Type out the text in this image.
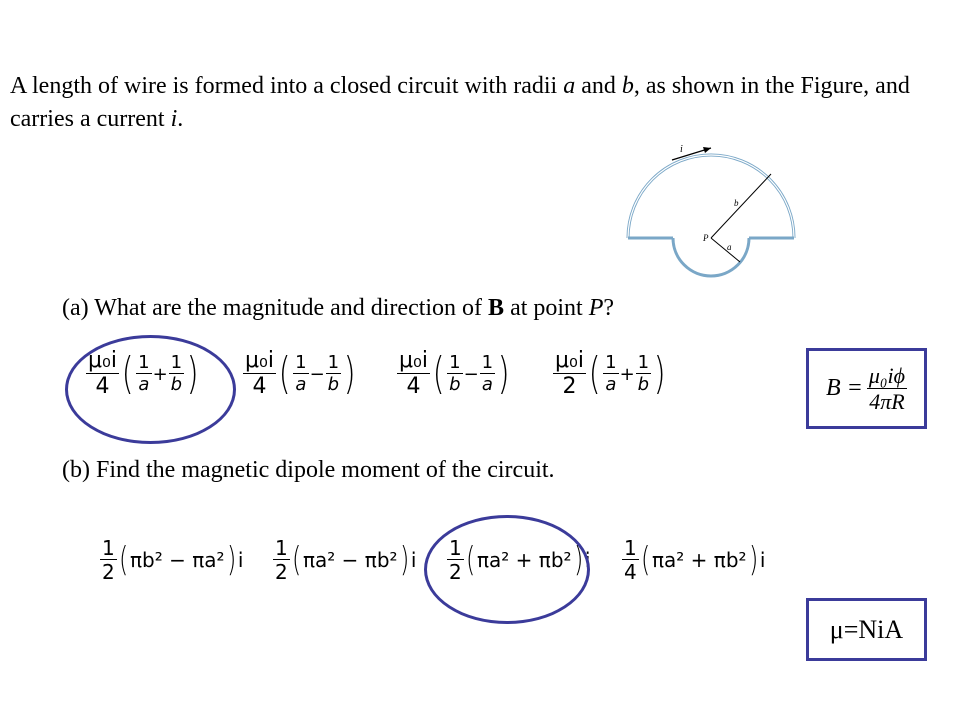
A length of wire is formed into a closed circuit with radii a and b, as shown in the Figure, and carries a current i.
i
b
P
a
(a) What are the magnitude and direction of B at point P?
$\frac{\text{μ₀i}}{4}$ ( $\frac{1}{a} + \frac{1}{b}$ ) $\frac{\text{μ₀i}}{4}$ ( $\frac{1}{a} - \frac{1}{b}$ ) $\frac{\text{μ₀i}}{4}$ ( $\frac{1}{b} - \frac{1}{a}$ ) $\frac{\text{μ₀i}}{2}$ ( $\frac{1}{a} + \frac{1}{b}$ )	$B = \frac{\text{μ₀iϕ}}{4\pi R}$
(b) Find the magnetic dipole moment of the circuit.
$\frac{1}{2} (\pi b^2 - \pi a^2)i \frac{1}{2} (\pi a^2 - \pi b^2)i \frac{1}{2} (\pi a^2 + \pi b^2)i \frac{1}{4} (\pi a^2 + \pi b^2)i$
μ=NiA
